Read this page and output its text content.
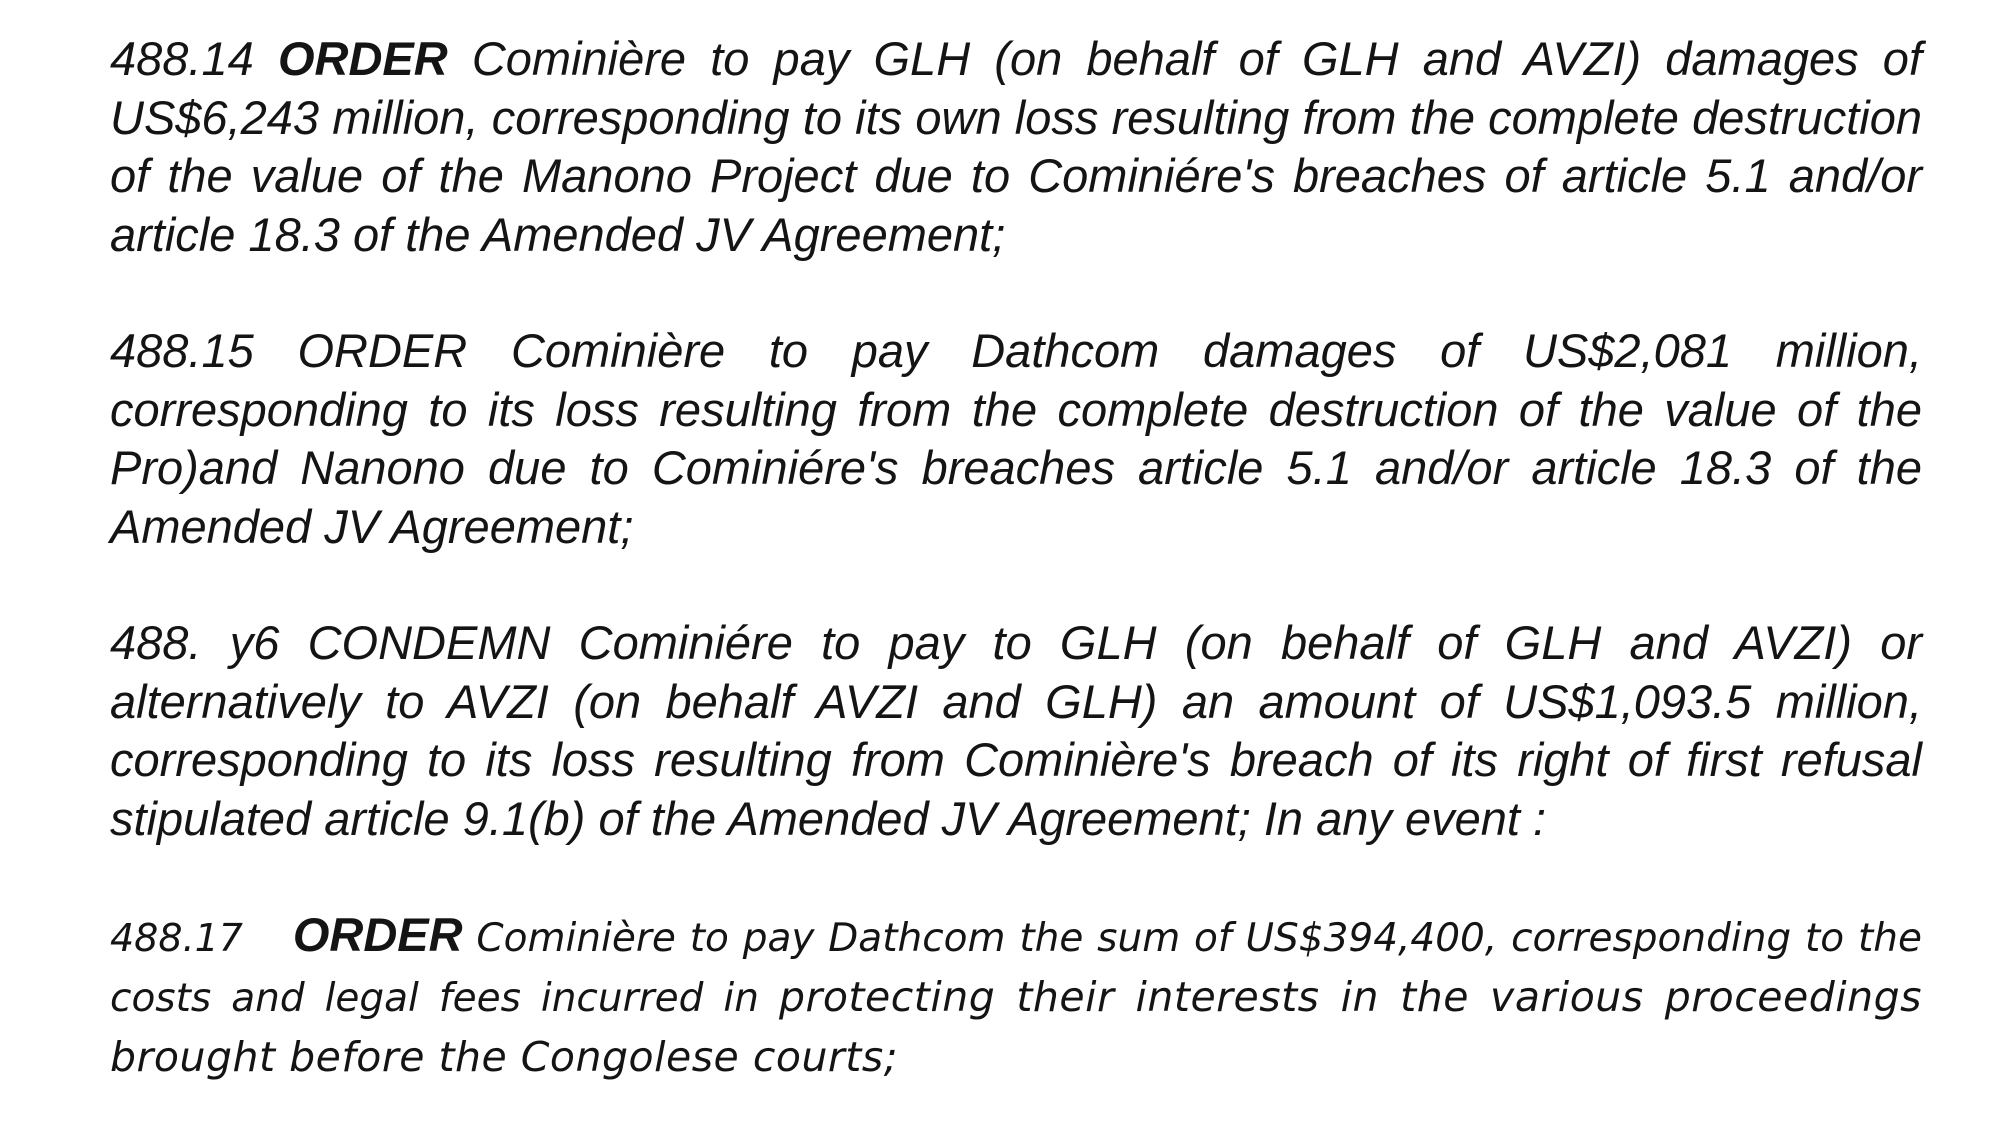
488.14 ORDER Cominière to pay GLH (on behalf of GLH and AVZI) damages of US$6,243 million, corresponding to its own loss resulting from the complete destruction of the value of the Manono Project due to Cominiére's breaches of article 5.1 and/or article 18.3 of the Amended JV Agreement;

488.15 ORDER Cominière to pay Dathcom damages of US$2,081 million, corresponding to its loss resulting from the complete destruction of the value of the Pro)and Nanono due to Cominiére's breaches article 5.1 and/or article 18.3 of the Amended JV Agreement;

488. y6 CONDEMN Cominiére to pay to GLH (on behalf of GLH and AVZI) or alternatively to AVZI (on behalf AVZI and GLH) an amount of US$1,093.5 million, corresponding to its loss resulting from Cominière's breach of its right of first refusal stipulated article 9.1(b) of the Amended JV Agreement; In any event :

488.17 ORDER Cominière to pay Dathcom the sum of US$394,400, corresponding to the costs and legal fees incurred in protecting their interests in the various proceedings brought before the Congolese courts;
